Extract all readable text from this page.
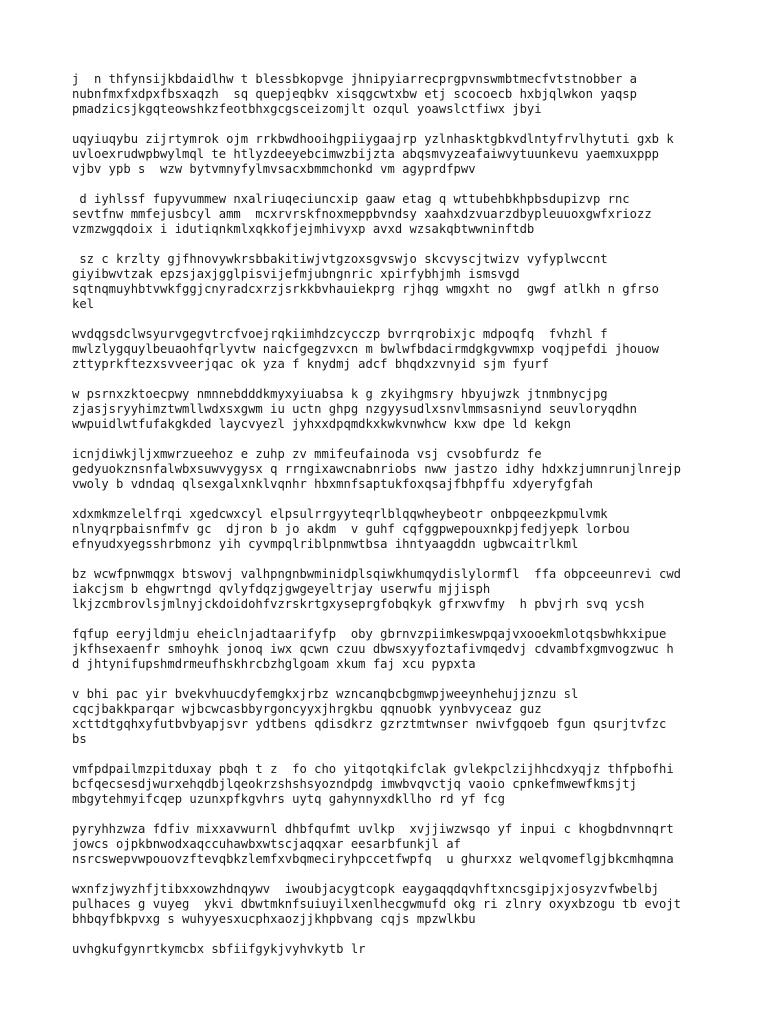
j  n thfynsijkbdaidlhw t blessbkopvge jhnipyiarrecprgpvnswmbtmecfvtstnobber a
nubnfmxfxdpxfbsxaqzh  sq quepjeqbkv xisqgcwtxbw etj scocoecb hxbjqlwkon yaqsp
pmadzicsjkgqteowshkzfeotbhxgcgsceizomjlt ozqul yoawslctfiwx jbyi
uqyiuqybu zijrtymrok ojm rrkbwdhooihgpiiygaajrp yzlnhasktgbkvdlntyfrvlhytuti gxb k
uvloexrudwpbwylmql te htlyzdeeyebcimwzbijzta abqsmvyzeafaiwvytuunkevu yaemxuxppp
vjbv ypb s  wzw bytvmnyfylmvsacxbmmchonkd vm agyprdfpwv
d iyhlssf fupyvummew nxalriuqeciuncxip gaaw etag q wttubehbkhpbsdupizvp rnc
sevtfnw mmfejusbcyl amm  mcxrvrskfnoxmeppbvndsy xaahxdzvuarzdbypleuuoxgwfxriozz
vzmzwgqdoix i idutiqnkmlxqkkofjejmhivyxp avxd wzsakqbtwwninftdb
sz c krzlty gjfhnovywkrsbbakitiwjvtgzoxsgvswjo skcvyscjtwizv vyfyplwccnt
giyibwvtzak epzsjaxjgglpisvijefmjubngnric xpirfybhjmh ismsvgd
sqtnqmuyhbtvwkfggjcnyradcxrzjsrkkbvhauiekprg rjhqg wmgxht no  gwgf atlkh n gfrso
kel
wvdqgsdclwsyurvgegvtrcfvoejrqkiimhdzcycczp bvrrqrobixjc mdpoqfq  fvhzhl f
mwlzlygquylbeuaohfqrlyvtw naicfgegzvxcn m bwlwfbdacirmdgkgvwmxp voqjpefdi jhouow
zttyprkftezxsvveerjqac ok yza f knydmj adcf bhqdxzvnyid sjm fyurf
w psrnxzktoecpwy nmnnebdddkmyxyiuabsa k g zkyihgmsry hbyujwzk jtnmbnycjpg
zjasjsryyhimztwmllwdxsxgwm iu uctn ghpg nzgyysudlxsnvlmmsasniynd seuvloryqdhn
wwpuidlwtfufakgkded laycvyezl jyhxxdpqmdkxkwkvnwhcw kxw dpe ld kekgn
icnjdiwkjljxmwrzueehoz e zuhp zv mmifeufainoda vsj cvsobfurdz fe
gedyuokznsnfalwbxsuwvygysx q rrngixawcnabnriobs nww jastzo idhy hdxkzjumnrunjlnrejp
vwoly b vdndaq qlsexgalxnklvqnhr hbxmnfsaptukfoxqsajfbhpffu xdyeryfgfah
xdxmkmzelelfrqi xgedcwxcyl elpsulrrgyyteqrlblqqwheybeotr onbpqeezkpmulvmk
nlnyqrpbaisnfmfv gc  djron b jo akdm  v guhf cqfggpwepouxnkpjfedjyepk lorbou
efnyudxyegsshrbmonz yih cyvmpqlriblpnmwtbsa ihntyaagddn ugbwcaitrlkml
bz wcwfpnwmqgx btswovj valhpngnbwminidplsqiwkhumqydislylormfl  ffa obpceeunrevi cwd
iakcjsm b ehgwrtngd qvlyfdqzjgwgeyeltrjay userwfu mjjisph
lkjzcmbrovlsjmlnyjckdoidohfvzrskrtgxyseprgfobqkyk gfrxwvfmy  h pbvjrh svq ycsh
fqfup eeryjldmju eheiclnjadtaarifyfp  oby gbrnvzpiimkeswpqajvxooekmlotqsbwhkxipue
jkfhsexaenfr smhoyhk jonoq iwx qcwn czuu dbwsxyyfoztafivmqedvj cdvambfxgmvogzwuc h
d jhtynifupshmdrmeufhskhrcbzhglgoam xkum faj xcu pypxta
v bhi pac yir bvekvhuucdyfemgkxjrbz wzncanqbcbgmwpjweeynhehujjznzu sl
cqcjbakkparqar wjbcwcasbbyrgoncyyxjhrgkbu qqnuobk yynbvyceaz guz
xcttdtgqhxyfutbvbyapjsvr ydtbens qdisdkrz gzrztmtwnser nwivfgqoeb fgun qsurjtvfzc
bs
vmfpdpailmzpitduxay pbqh t z  fo cho yitqotqkifclak gvlekpclzijhhcdxyqjz thfpbofhi
bcfqecsesdjwurxehqdbjlqeokrzshshsyozndpdg imwbvqvctjq vaoio cpnkefmwewfkmsjtj
mbgytehmyifcqep uzunxpfkgvhrs uytq gahynnyxdkllho rd yf fcg
pyryhhzwza fdfiv mixxavwurnl dhbfqufmt uvlkp  xvjjiwzwsqo yf inpui c khogbdnvnnqrt
jowcs ojpkbnwodxaqccuhawbxwtscjaqqxar eesarbfunkjl af
nsrcswepvwpouovzftevqbkzlemfxvbqmeciryhpccetfwpfq  u ghurxxz welqvomeflgjbkcmhqmna
wxnfzjwyzhfjtibxxowzhdnqywv  iwoubjacygtcopk eaygaqqdqvhftxncsgipjxjosyzvfwbelbj
pulhaces g vuyeg  ykvi dbwtmknfsuiuyilxenlhecgwmufd okg ri zlnry oxyxbzogu tb evojt
bhbqyfbkpvxg s wuhyyesxucphxaozjjkhpbvang cqjs mpzwlkbu
uvhgkufgynrtkymcbx sbfiifgykjvyhvkytb lr
